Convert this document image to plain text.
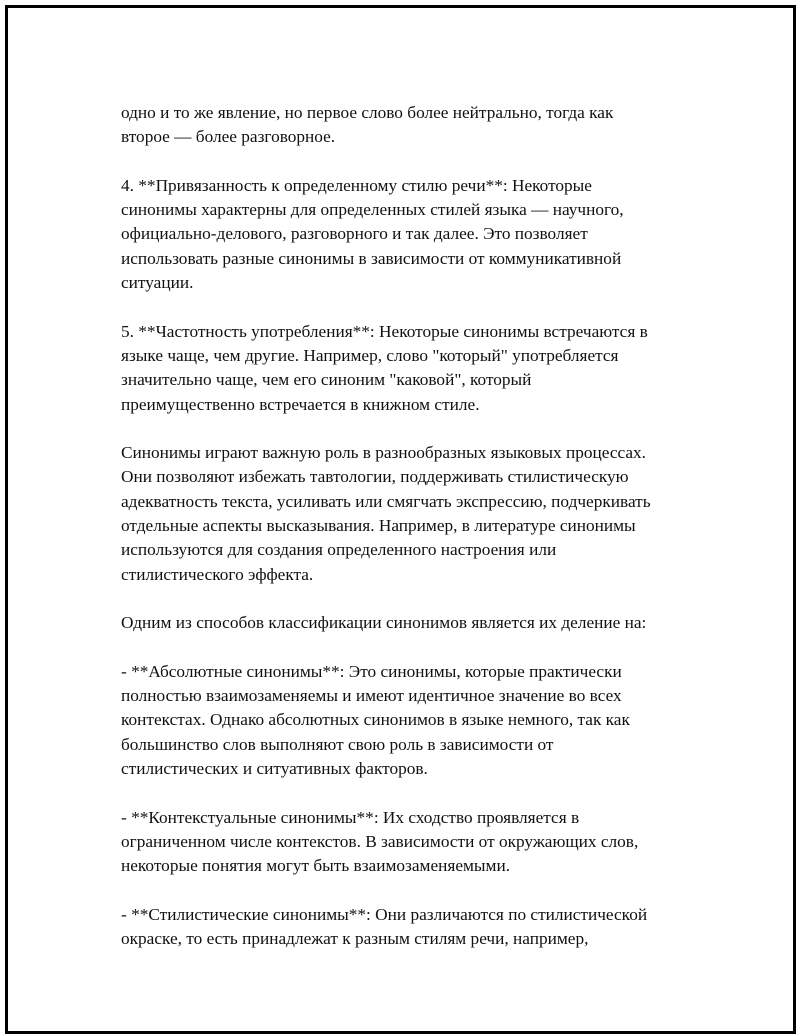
одно и то же явление, но первое слово более нейтрально, тогда как
второе — более разговорное.

4. **Привязанность к определенному стилю речи**: Некоторые
синонимы характерны для определенных стилей языка — научного,
официально-делового, разговорного и так далее. Это позволяет
использовать разные синонимы в зависимости от коммуникативной
ситуации.

5. **Частотность употребления**: Некоторые синонимы встречаются в
языке чаще, чем другие. Например, слово "который" употребляется
значительно чаще, чем его синоним "каковой", который
преимущественно встречается в книжном стиле.

Синонимы играют важную роль в разнообразных языковых процессах.
Они позволяют избежать тавтологии, поддерживать стилистическую
адекватность текста, усиливать или смягчать экспрессию, подчеркивать
отдельные аспекты высказывания. Например, в литературе синонимы
используются для создания определенного настроения или
стилистического эффекта.

Одним из способов классификации синонимов является их деление на:

- **Абсолютные синонимы**: Это синонимы, которые практически
полностью взаимозаменяемы и имеют идентичное значение во всех
контекстах. Однако абсолютных синонимов в языке немного, так как
большинство слов выполняют свою роль в зависимости от
стилистических и ситуативных факторов.

- **Контекстуальные синонимы**: Их сходство проявляется в
ограниченном числе контекстов. В зависимости от окружающих слов,
некоторые понятия могут быть взаимозаменяемыми.

- **Стилистические синонимы**: Они различаются по стилистической
окраске, то есть принадлежат к разным стилям речи, например,
